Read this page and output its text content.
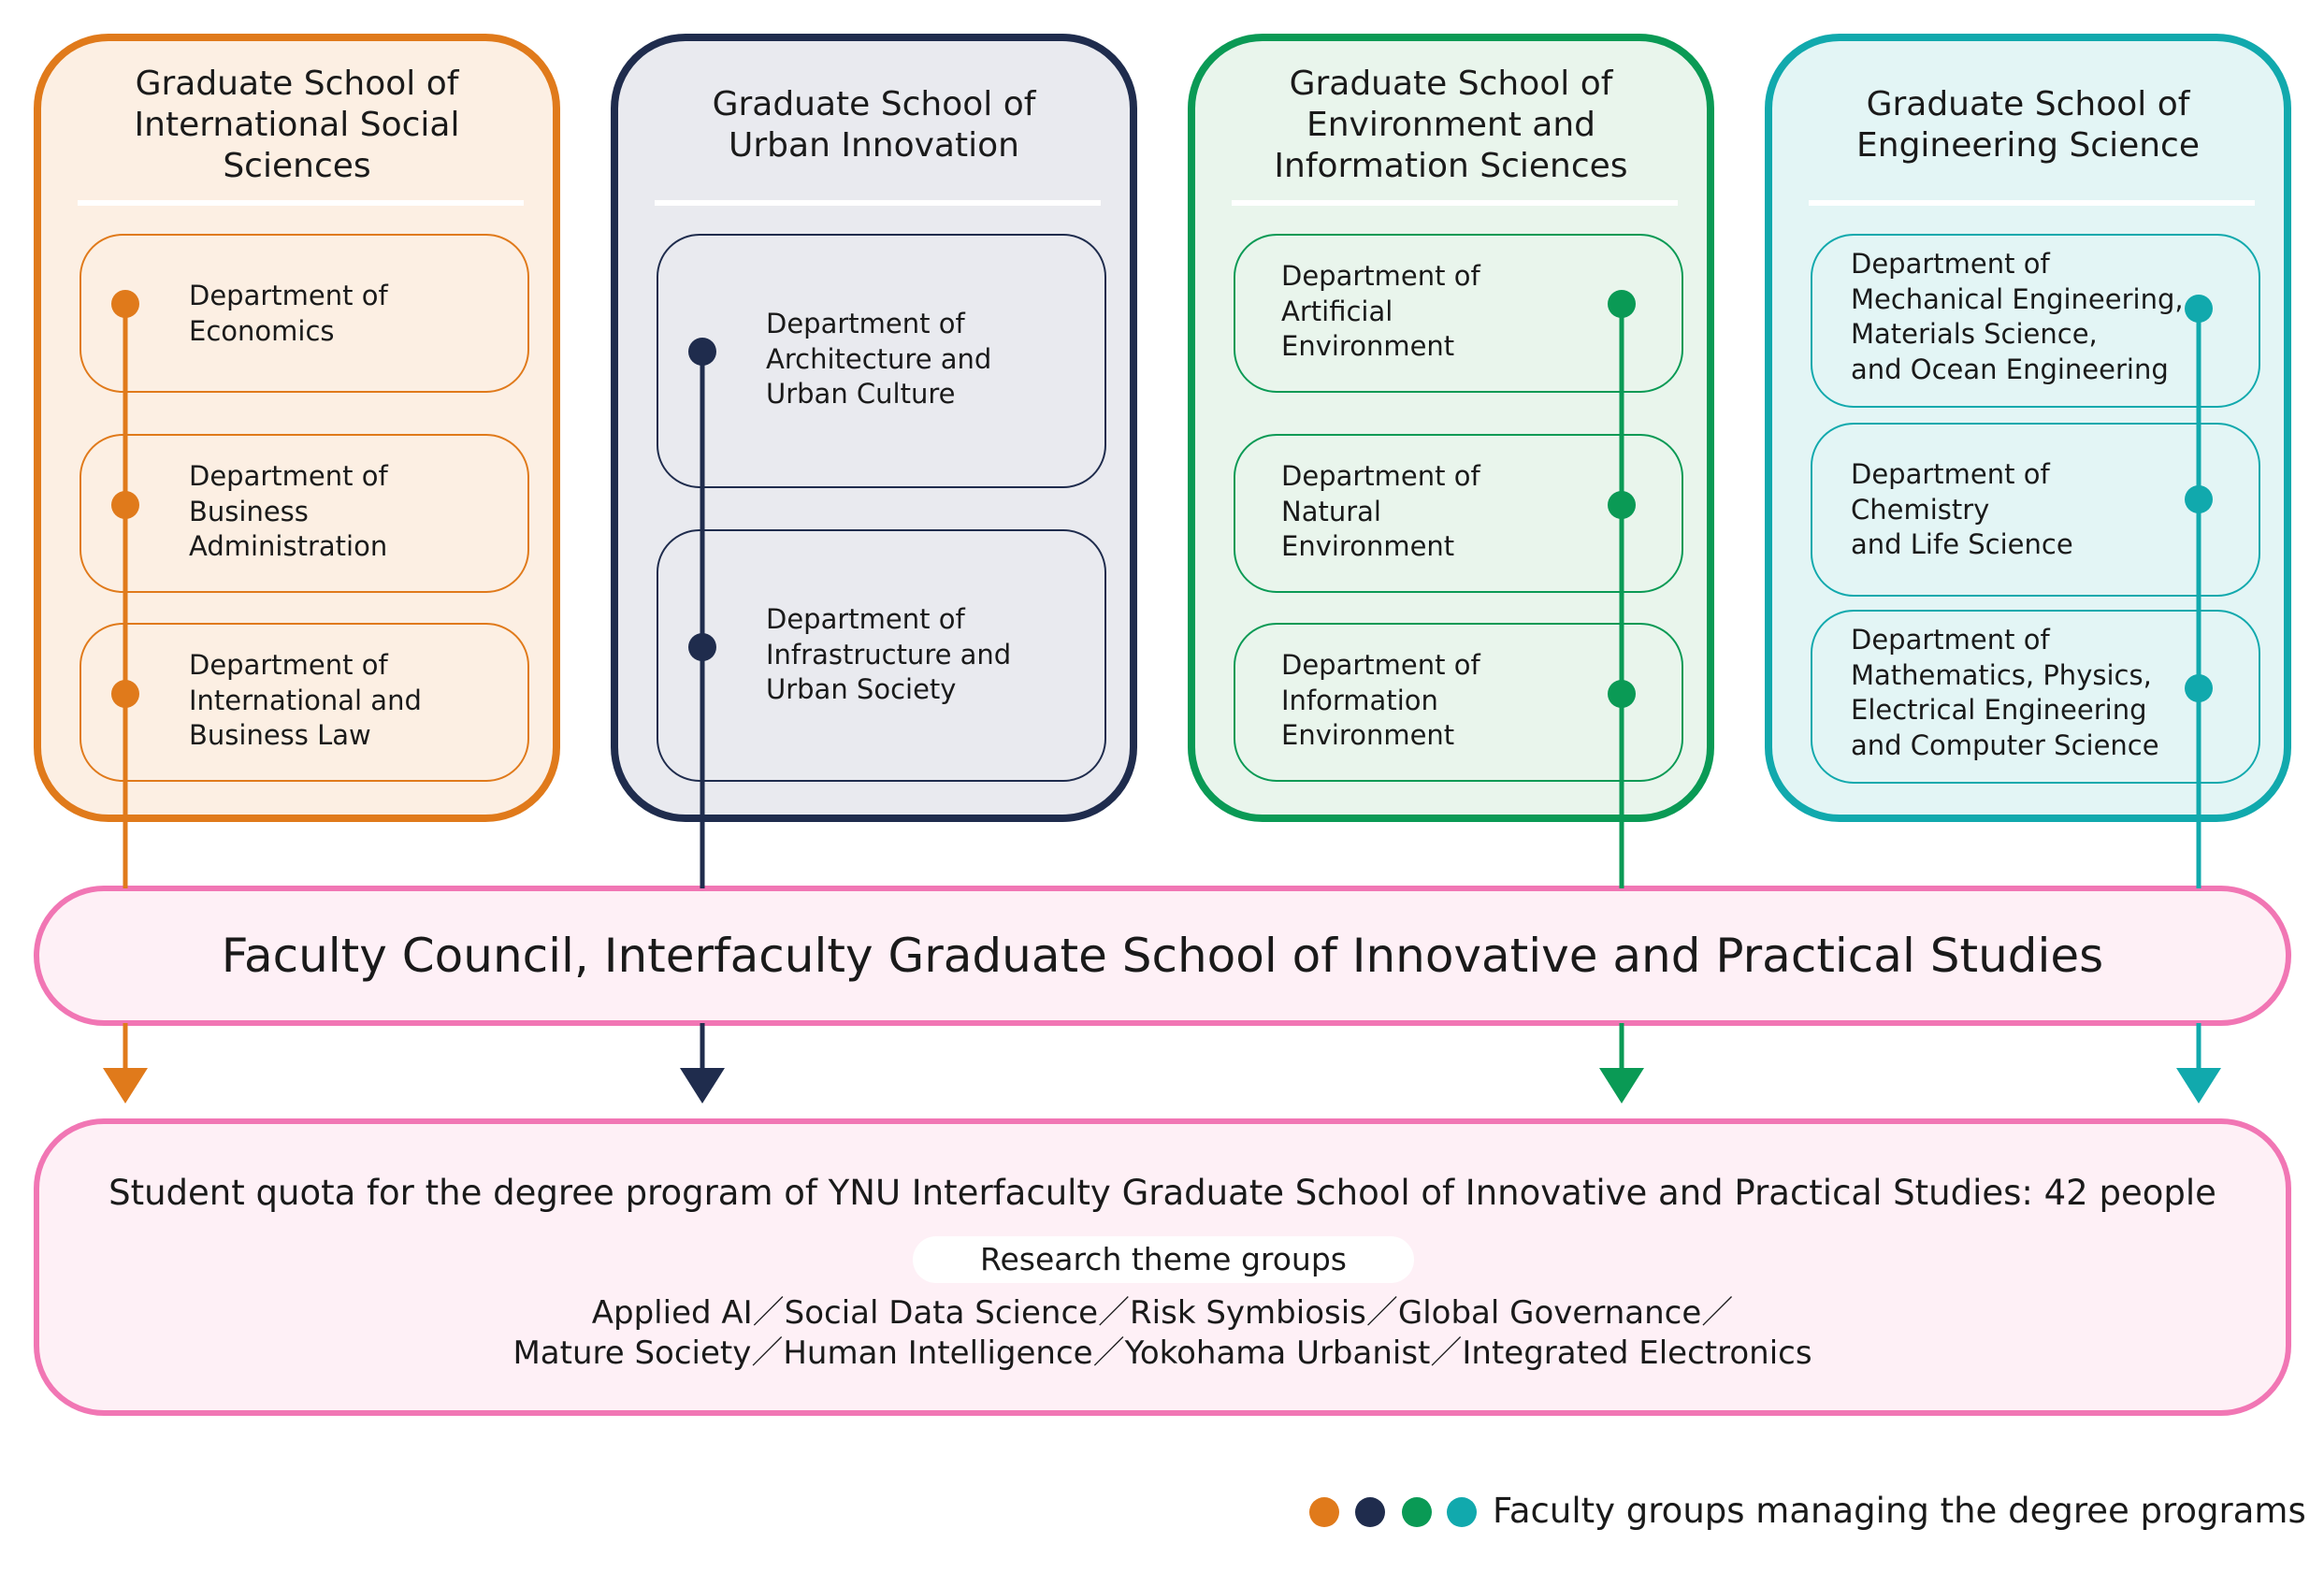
Graduate School of
International Social
Sciences
Department of
Economics
Department of
Business
Administration
Department of
International and
Business Law
Graduate School of
Urban Innovation
Department of
Architecture and
Urban Culture
Department of
Infrastructure and
Urban Society
Graduate School of
Environment and
Information Sciences
Department of
Artificial
Environment
Department of
Natural
Environment
Department of
Information
Environment
Graduate School of
Engineering Science
Department of
Mechanical Engineering,
Materials Science,
and Ocean Engineering
Department of
Chemistry
and Life Science
Department of
Mathematics, Physics,
Electrical Engineering
and Computer Science
Faculty Council, Interfaculty Graduate School of Innovative and Practical Studies
Student quota for the degree program of YNU Interfaculty Graduate School of Innovative and Practical Studies: 42 people
Research theme groups
Applied AI／Social Data Science／Risk Symbiosis／Global Governance／
Mature Society／Human Intelligence／Yokohama Urbanist／Integrated Electronics
Faculty groups managing the degree programs
